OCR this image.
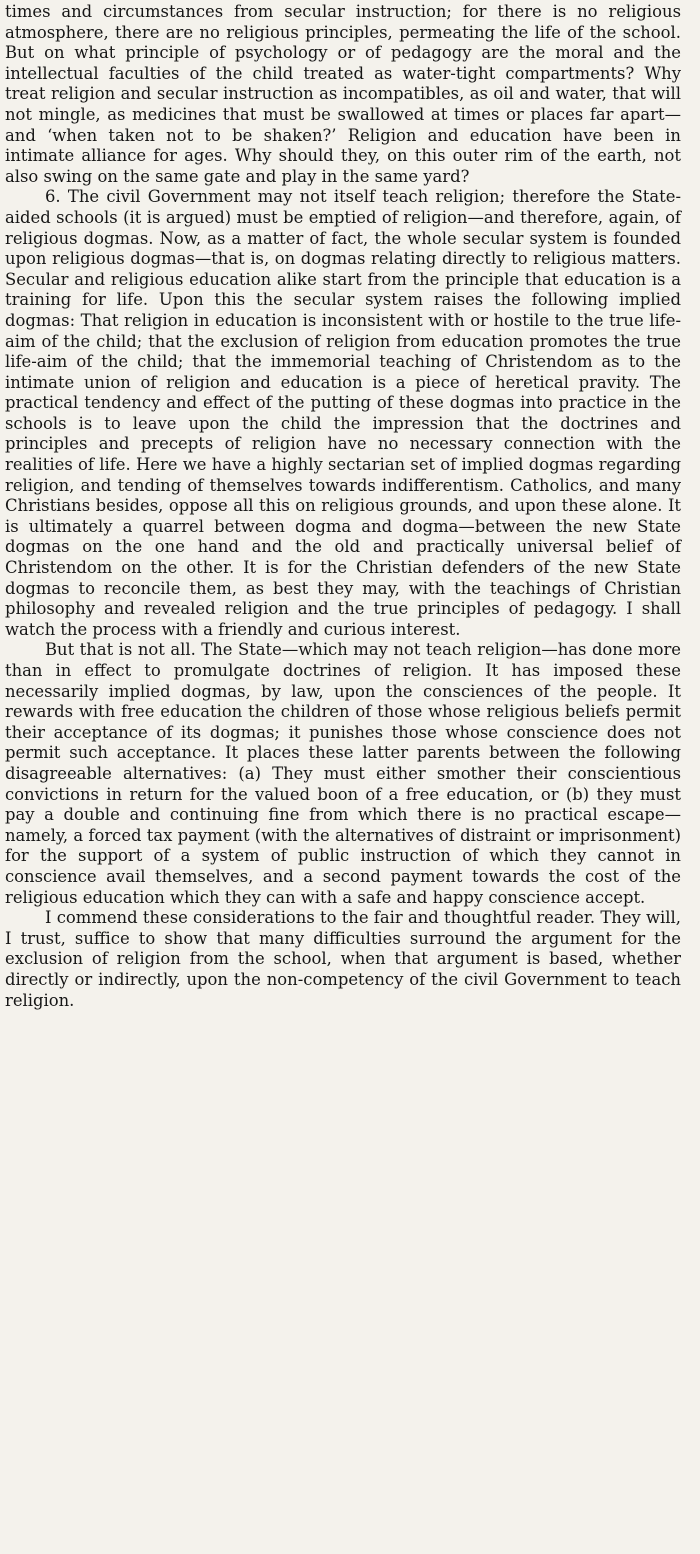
times and circumstances from secular instruction; for there is no religious atmosphere, there are no religious principles, permeating the life of the school. But on what principle of psychology or of pedagogy are the moral and the intellectual faculties of the child treated as water-tight compartments? Why treat religion and secular instruction as incompatibles, as oil and water, that will not mingle, as medicines that must be swallowed at times or places far apart—and ‘when taken not to be shaken?’ Religion and education have been in intimate alliance for ages. Why should they, on this outer rim of the earth, not also swing on the same gate and play in the same yard?

6. The civil Government may not itself teach religion; therefore the State-aided schools (it is argued) must be emptied of religion—and therefore, again, of religious dogmas. Now, as a matter of fact, the whole secular system is founded upon religious dogmas—that is, on dogmas relating directly to religious matters. Secular and religious education alike start from the principle that education is a training for life. Upon this the secular system raises the following implied dogmas: That religion in education is inconsistent with or hostile to the true life-aim of the child; that the exclusion of religion from education promotes the true life-aim of the child; that the immemorial teaching of Christendom as to the intimate union of religion and education is a piece of heretical pravity. The practical tendency and effect of the putting of these dogmas into practice in the schools is to leave upon the child the impression that the doctrines and principles and precepts of religion have no necessary connection with the realities of life. Here we have a highly sectarian set of implied dogmas regarding religion, and tending of themselves towards indifferentism. Catholics, and many Christians besides, oppose all this on religious grounds, and upon these alone. It is ultimately a quarrel between dogma and dogma—between the new State dogmas on the one hand and the old and practically universal belief of Christendom on the other. It is for the Christian defenders of the new State dogmas to reconcile them, as best they may, with the teachings of Christian philosophy and revealed religion and the true principles of pedagogy. I shall watch the process with a friendly and curious interest.

But that is not all. The State—which may not teach religion—has done more than in effect to promulgate doctrines of religion. It has imposed these necessarily implied dogmas, by law, upon the consciences of the people. It rewards with free education the children of those whose religious beliefs permit their acceptance of its dogmas; it punishes those whose conscience does not permit such acceptance. It places these latter parents between the following disagreeable alternatives: (a) They must either smother their conscientious convictions in return for the valued boon of a free education, or (b) they must pay a double and continuing fine from which there is no practical escape—namely, a forced tax payment (with the alternatives of distraint or imprisonment) for the support of a system of public instruction of which they cannot in conscience avail themselves, and a second payment towards the cost of the religious education which they can with a safe and happy conscience accept.

I commend these considerations to the fair and thoughtful reader. They will, I trust, suffice to show that many difficulties surround the argument for the exclusion of religion from the school, when that argument is based, whether directly or indirectly, upon the non-competency of the civil Government to teach religion.
